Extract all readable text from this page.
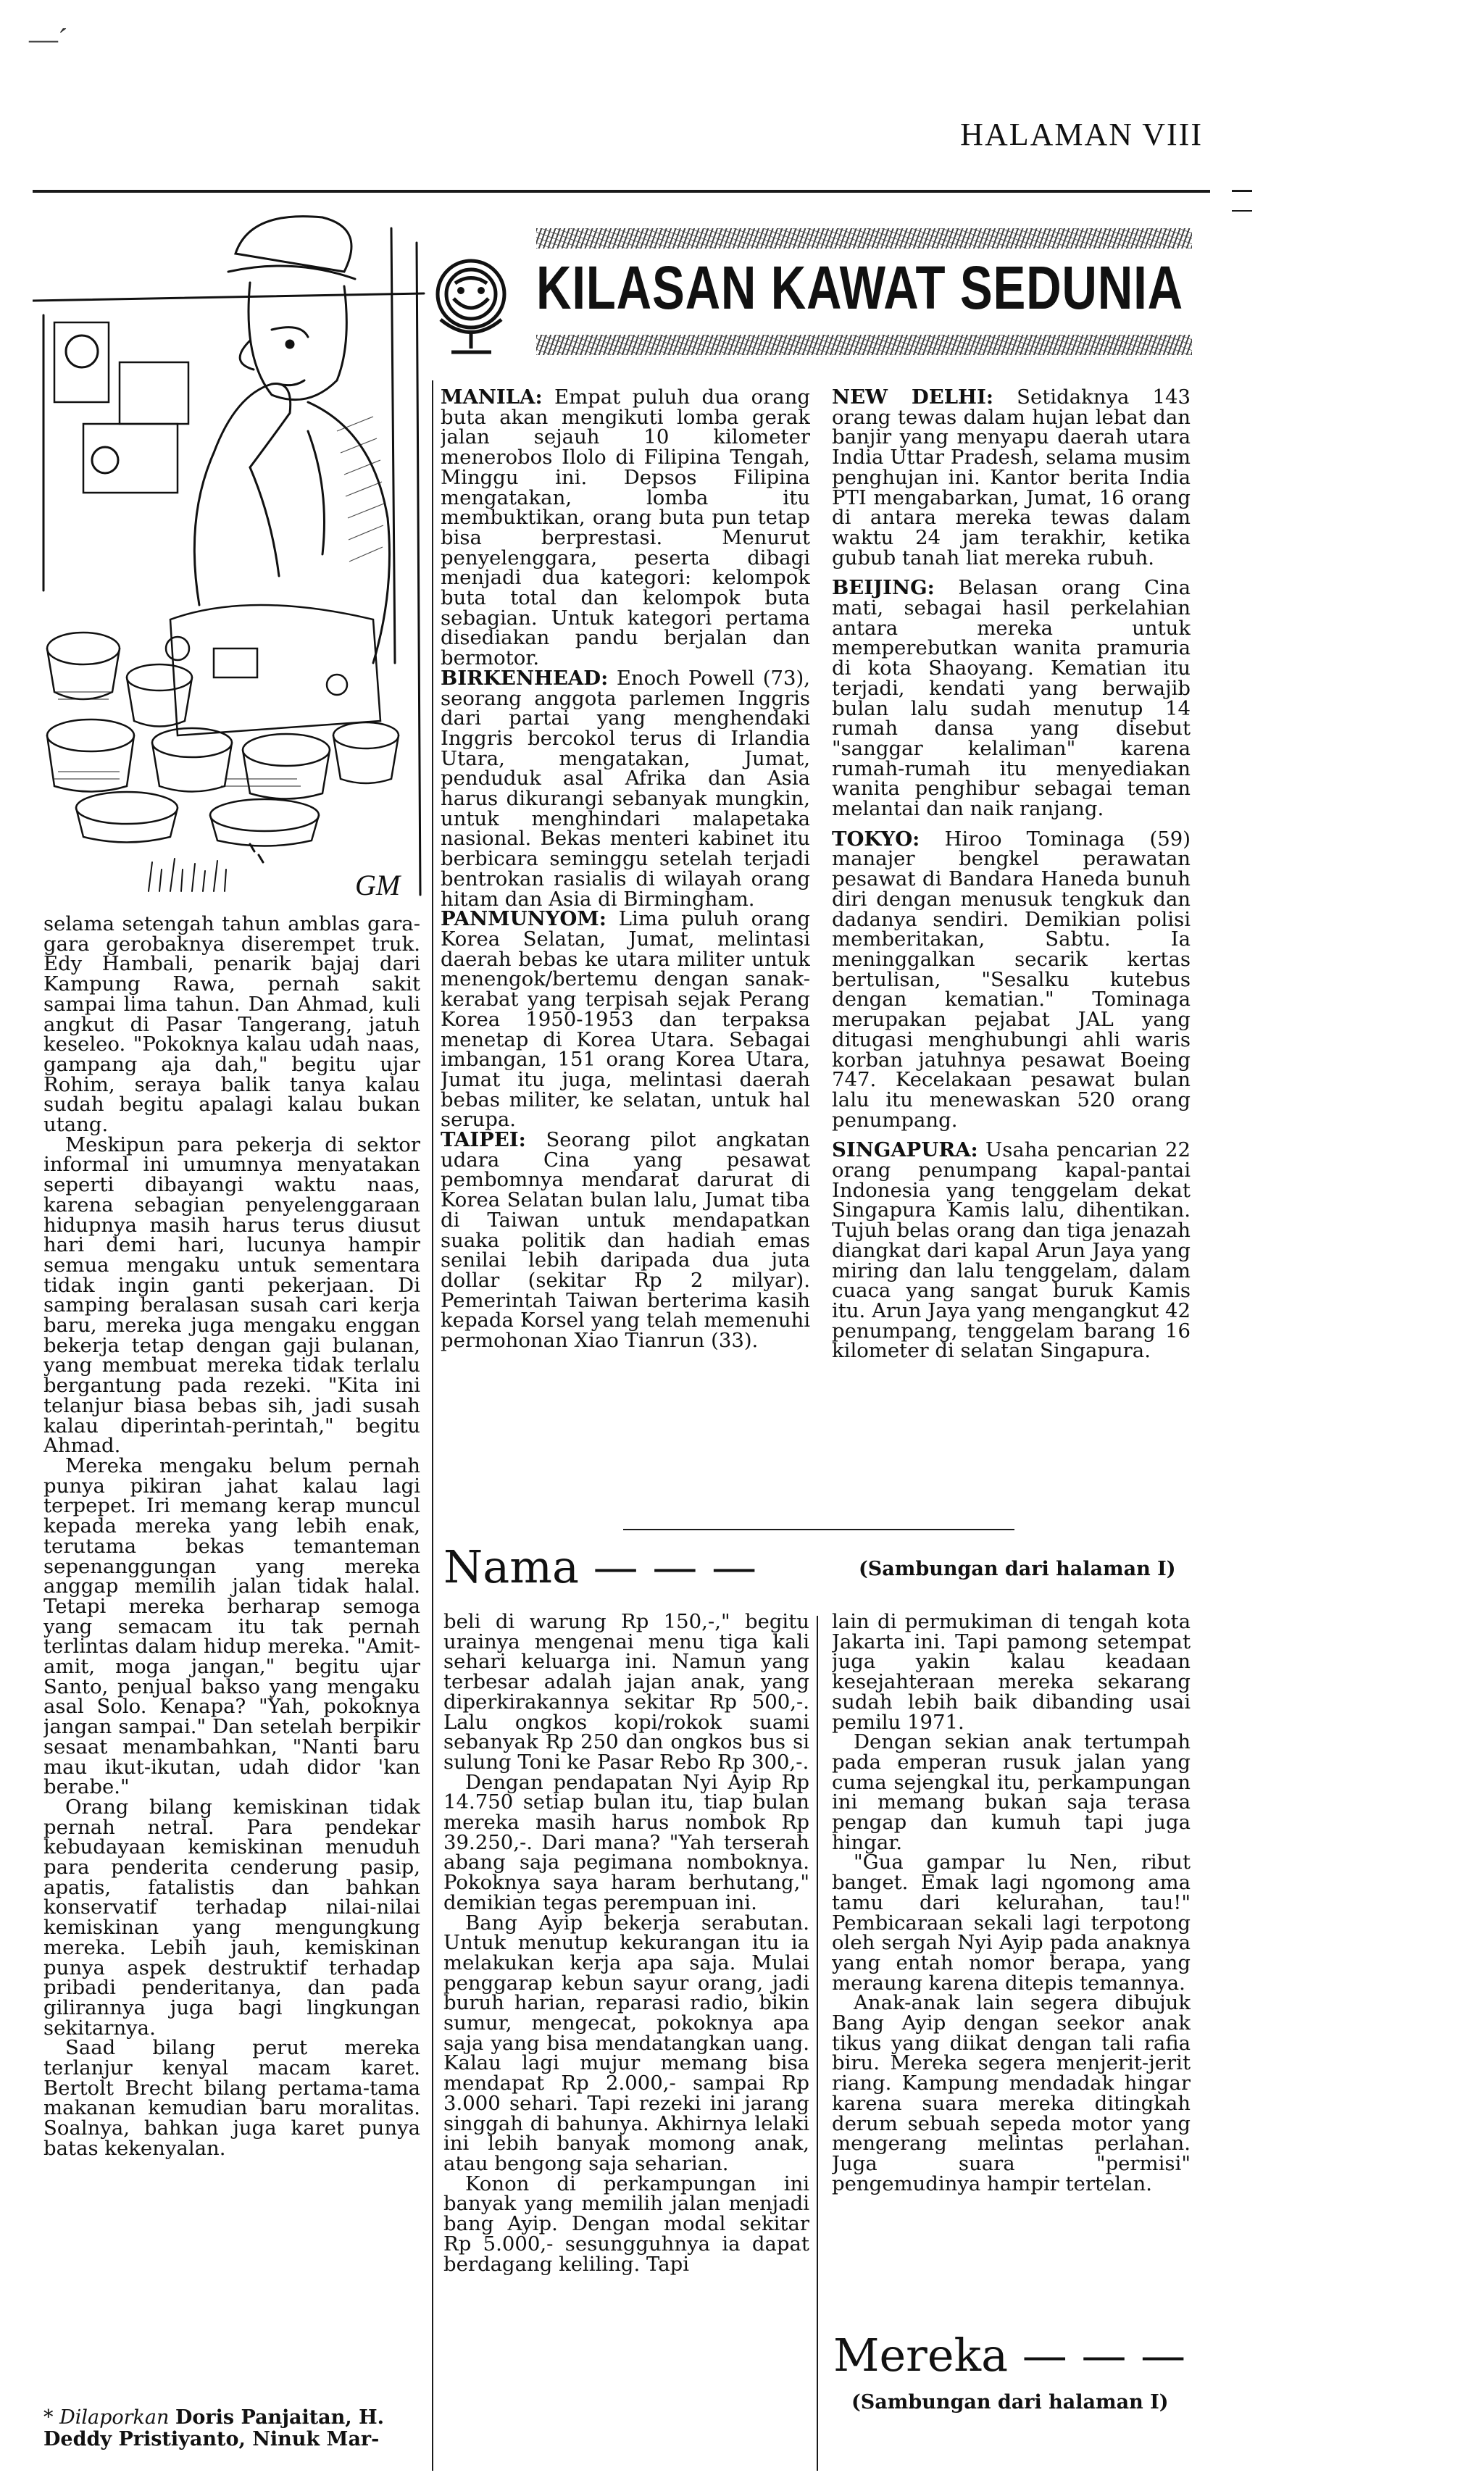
—ˊ
HALAMAN VIII
GM
KILASAN KAWAT SEDUNIA

MANILA: Empat puluh dua orang buta akan mengikuti lomba gerak jalan sejauh 10 kilometer menerobos Ilolo di Filipina Tengah, Minggu ini. Depsos Filipina mengatakan, lomba itu membuktikan, orang buta pun tetap bisa berprestasi. Menurut penyelenggara, peserta dibagi menjadi dua kategori: kelompok buta total dan kelompok buta sebagian. Untuk kategori pertama disediakan pandu berjalan dan bermotor.

BIRKENHEAD: Enoch Powell (73), seorang anggota parlemen Inggris dari partai yang menghendaki Inggris bercokol terus di Irlandia Utara, mengatakan, Jumat, penduduk asal Afrika dan Asia harus dikurangi sebanyak mungkin, untuk menghindari malapetaka nasional. Bekas menteri kabinet itu berbicara seminggu setelah terjadi bentrokan rasialis di wilayah orang hitam dan Asia di Birmingham.

PANMUNYOM: Lima puluh orang Korea Selatan, Jumat, melintasi daerah bebas ke utara militer untuk menengok/bertemu dengan sanak-kerabat yang terpisah sejak Perang Korea 1950-1953 dan terpaksa menetap di Korea Utara. Sebagai imbangan, 151 orang Korea Utara, Jumat itu juga, melintasi daerah bebas militer, ke selatan, untuk hal serupa.

TAIPEI: Seorang pilot angkatan udara Cina yang pesawat pembomnya mendarat darurat di Korea Selatan bulan lalu, Jumat tiba di Taiwan untuk mendapatkan suaka politik dan hadiah emas senilai lebih daripada dua juta dollar (sekitar Rp 2 milyar). Pemerintah Taiwan berterima kasih kepada Korsel yang telah memenuhi permohonan Xiao Tianrun (33).

NEW DELHI: Setidaknya 143 orang tewas dalam hujan lebat dan banjir yang menyapu daerah utara India Uttar Pradesh, selama musim penghujan ini. Kantor berita India PTI mengabarkan, Jumat, 16 orang di antara mereka tewas dalam waktu 24 jam terakhir, ketika gubub tanah liat mereka rubuh.

BEIJING: Belasan orang Cina mati, sebagai hasil perkelahian antara mereka untuk memperebutkan wanita pramuria di kota Shaoyang. Kematian itu terjadi, kendati yang berwajib bulan lalu sudah menutup 14 rumah dansa yang disebut "sanggar kelaliman" karena rumah-rumah itu menyediakan wanita penghibur sebagai teman melantai dan naik ranjang.

TOKYO: Hiroo Tominaga (59) manajer bengkel perawatan pesawat di Bandara Haneda bunuh diri dengan menusuk tengkuk dan dadanya sendiri. Demikian polisi memberitakan, Sabtu. Ia meninggalkan secarik kertas bertulisan, "Sesalku kutebus dengan kematian." Tominaga merupakan pejabat JAL yang ditugasi menghubungi ahli waris korban jatuhnya pesawat Boeing 747. Kecelakaan pesawat bulan lalu itu menewaskan 520 orang penumpang.

SINGAPURA: Usaha pencarian 22 orang penumpang kapal-pantai Indonesia yang tenggelam dekat Singapura Kamis lalu, dihentikan. Tujuh belas orang dan tiga jenazah diangkat dari kapal Arun Jaya yang miring dan lalu tenggelam, dalam cuaca yang sangat buruk Kamis itu. Arun Jaya yang mengangkut 42 penumpang, tenggelam barang 16 kilometer di selatan Singapura.

selama setengah tahun amblas gara-gara gerobaknya diserempet truk. Edy Hambali, penarik bajaj dari Kampung Rawa, pernah sakit sampai lima tahun. Dan Ahmad, kuli angkut di Pasar Tangerang, jatuh keseleo. "Pokoknya kalau udah naas, gampang aja dah," begitu ujar Rohim, seraya balik tanya kalau sudah begitu apalagi kalau bukan utang.

Meskipun para pekerja di sektor informal ini umumnya menyatakan seperti dibayangi waktu naas, karena sebagian penyelenggaraan hidupnya masih harus terus diusut hari demi hari, lucunya hampir semua mengaku untuk sementara tidak ingin ganti pekerjaan. Di samping beralasan susah cari kerja baru, mereka juga mengaku enggan bekerja tetap dengan gaji bulanan, yang membuat mereka tidak terlalu bergantung pada rezeki. "Kita ini telanjur biasa bebas sih, jadi susah kalau diperintah-perintah," begitu Ahmad.

Mereka mengaku belum pernah punya pikiran jahat kalau lagi terpepet. Iri memang kerap muncul kepada mereka yang lebih enak, terutama bekas temanteman sepenanggungan yang mereka anggap memilih jalan tidak halal. Tetapi mereka berharap semoga yang semacam itu tak pernah terlintas dalam hidup mereka. "Amit-amit, moga jangan," begitu ujar Santo, penjual bakso yang mengaku asal Solo. Kenapa? "Yah, pokoknya jangan sampai." Dan setelah berpikir sesaat menambahkan, "Nanti baru mau ikut-ikutan, udah didor 'kan berabe."

Orang bilang kemiskinan tidak pernah netral. Para pendekar kebudayaan kemiskinan menuduh para penderita cenderung pasip, apatis, fatalistis dan bahkan konservatif terhadap nilai-nilai kemiskinan yang mengungkung mereka. Lebih jauh, kemiskinan punya aspek destruktif terhadap pribadi penderitanya, dan pada gilirannya juga bagi lingkungan sekitarnya.

Saad bilang perut mereka terlanjur kenyal macam karet. Bertolt Brecht bilang pertama-tama makanan kemudian baru moralitas. Soalnya, bahkan juga karet punya batas kekenyalan.

* Dilaporkan Doris Panjaitan, H. Deddy Pristiyanto, Ninuk Mar-
Nama — — —	(Sambungan dari halaman I)

beli di warung Rp 150,-," begitu urainya mengenai menu tiga kali sehari keluarga ini. Namun yang terbesar adalah jajan anak, yang diperkirakannya sekitar Rp 500,-. Lalu ongkos kopi/rokok suami sebanyak Rp 250 dan ongkos bus si sulung Toni ke Pasar Rebo Rp 300,-.

Dengan pendapatan Nyi Ayip Rp 14.750 setiap bulan itu, tiap bulan mereka masih harus nombok Rp 39.250,-. Dari mana? "Yah terserah abang saja pegimana nomboknya. Pokoknya saya haram berhutang," demikian tegas perempuan ini.

Bang Ayip bekerja serabutan. Untuk menutup kekurangan itu ia melakukan kerja apa saja. Mulai penggarap kebun sayur orang, jadi buruh harian, reparasi radio, bikin sumur, mengecat, pokoknya apa saja yang bisa mendatangkan uang. Kalau lagi mujur memang bisa mendapat Rp 2.000,- sampai Rp 3.000 sehari. Tapi rezeki ini jarang singgah di bahunya. Akhirnya lelaki ini lebih banyak momong anak, atau bengong saja seharian.

Konon di perkampungan ini banyak yang memilih jalan menjadi bang Ayip. Dengan modal sekitar Rp 5.000,- sesungguhnya ia dapat berdagang keliling. Tapi

lain di permukiman di tengah kota Jakarta ini. Tapi pamong setempat juga yakin kalau keadaan kesejahteraan mereka sekarang sudah lebih baik dibanding usai pemilu 1971.

Dengan sekian anak tertumpah pada emperan rusuk jalan yang cuma sejengkal itu, perkampungan ini memang bukan saja terasa pengap dan kumuh tapi juga hingar.

"Gua gampar lu Nen, ribut banget. Emak lagi ngomong ama tamu dari kelurahan, tau!" Pembicaraan sekali lagi terpotong oleh sergah Nyi Ayip pada anaknya yang entah nomor berapa, yang meraung karena ditepis temannya.

Anak-anak lain segera dibujuk Bang Ayip dengan seekor anak tikus yang diikat dengan tali rafia biru. Mereka segera menjerit-jerit riang. Kampung mendadak hingar karena suara mereka ditingkah derum sebuah sepeda motor yang mengerang melintas perlahan. Juga suara "permisi" pengemudinya hampir tertelan.

Mereka — — —
(Sambungan dari halaman I)
